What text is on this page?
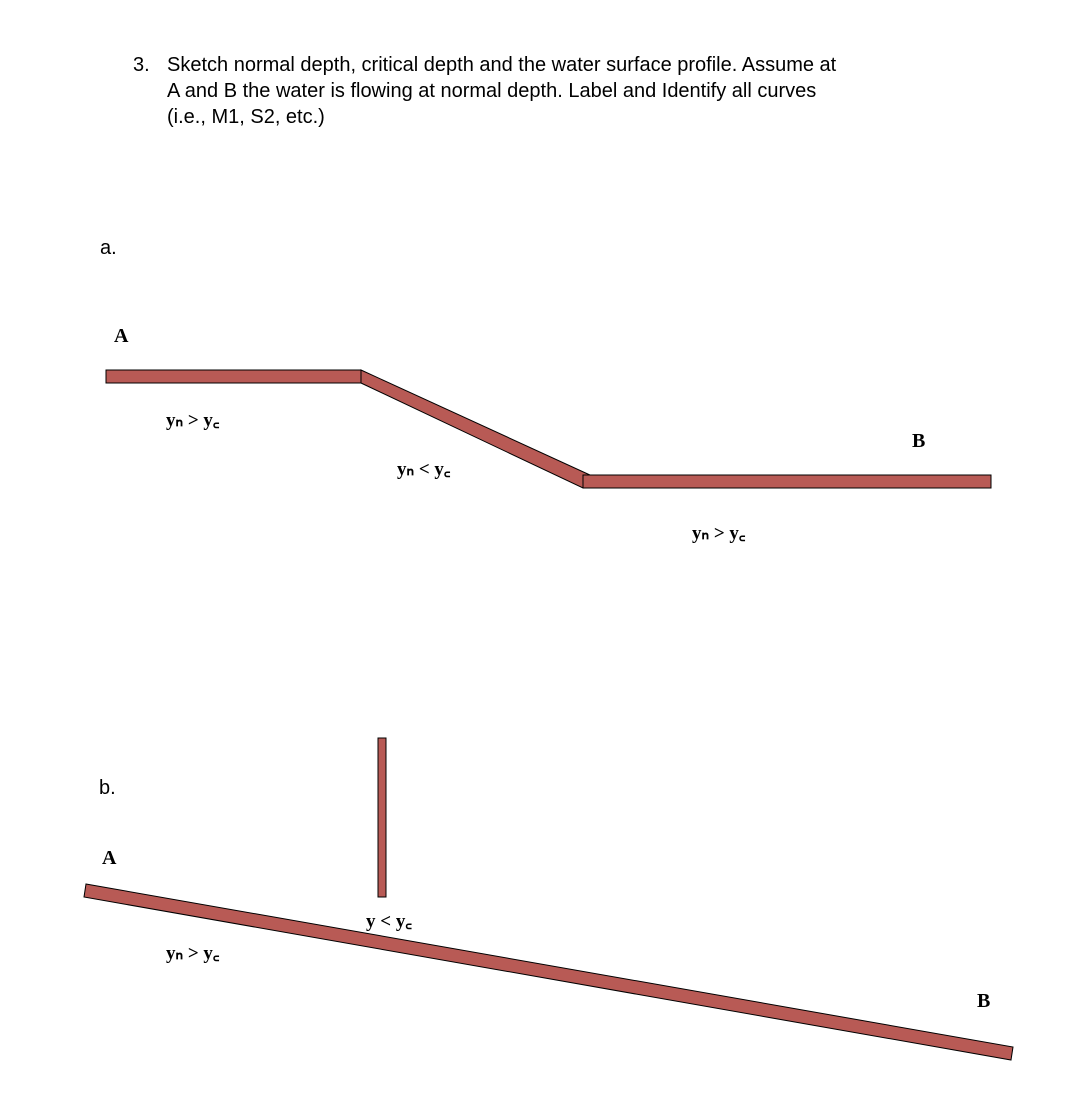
3. Sketch normal depth, critical depth and the water surface profile. Assume at
A and B the water is flowing at normal depth. Label and Identify all curves
(i.e., M1, S2, etc.)
a.
A
B
yₙ > y꜀
yₙ < y꜀
yₙ > y꜀
b.
A
B
y < y꜀
yₙ > y꜀
